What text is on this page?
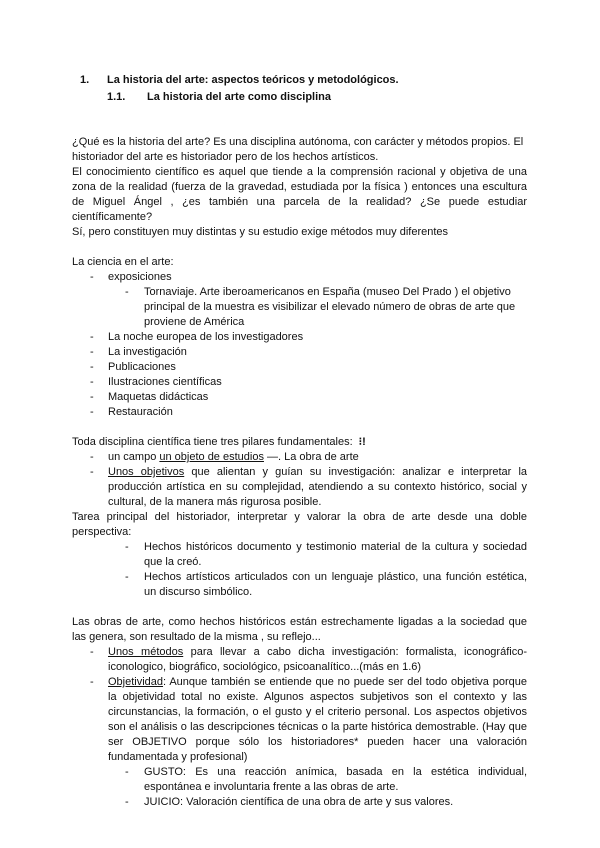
1.	La historia del arte: aspectos teóricos y metodológicos.
1.1.	La historia del arte como disciplina

¿Qué es la historia del arte? Es una disciplina autónoma, con carácter y métodos propios. El historiador del arte es historiador pero de los hechos artísticos.

El conocimiento científico es aquel que tiende a la comprensión racional y objetiva de una zona de la realidad (fuerza de la gravedad, estudiada por la física ) entonces una escultura de Miguel Ángel , ¿es también una parcela de la realidad? ¿Se puede estudiar científicamente?

Sí, pero constituyen muy distintas y su estudio exige métodos muy diferentes

La ciencia en el arte:

- exposiciones
- Tornaviaje. Arte iberoamericanos en España (museo Del Prado ) el objetivo principal de la muestra es visibilizar el elevado número de obras de arte que proviene de América
- La noche europea de los investigadores
- La investigación
- Publicaciones
- Ilustraciones científicas
- Maquetas didácticas
- Restauración

Toda disciplina científica tiene tres pilares fundamentales: ⁝!

- un campo un objeto de estudios —. La obra de arte
- Unos objetivos que alientan y guían su investigación: analizar e interpretar la producción artística en su complejidad, atendiendo a su contexto histórico, social y cultural, de la manera más rigurosa posible.

Tarea principal del historiador, interpretar y valorar la obra de arte desde una doble perspectiva:

- Hechos históricos documento y testimonio material de la cultura y sociedad que la creó.
- Hechos artísticos articulados con un lenguaje plástico, una función estética, un discurso simbólico.

Las obras de arte, como hechos históricos están estrechamente ligadas a la sociedad que las genera, son resultado de la misma , su reflejo...

- Unos métodos para llevar a cabo dicha investigación: formalista, iconográfico-iconologico, biográfico, sociológico, psicoanalítico...(más en 1.6)
- Objetividad: Aunque también se entiende que no puede ser del todo objetiva porque la objetividad total no existe. Algunos aspectos subjetivos son el contexto y las circunstancias, la formación, o el gusto y el criterio personal. Los aspectos objetivos son el análisis o las descripciones técnicas o la parte histórica demostrable. (Hay que ser OBJETIVO porque sólo los historiadores* pueden hacer una valoración fundamentada y profesional)
- GUSTO: Es una reacción anímica, basada en la estética individual, espontánea e involuntaria frente a las obras de arte.
- JUICIO: Valoración científica de una obra de arte y sus valores.
